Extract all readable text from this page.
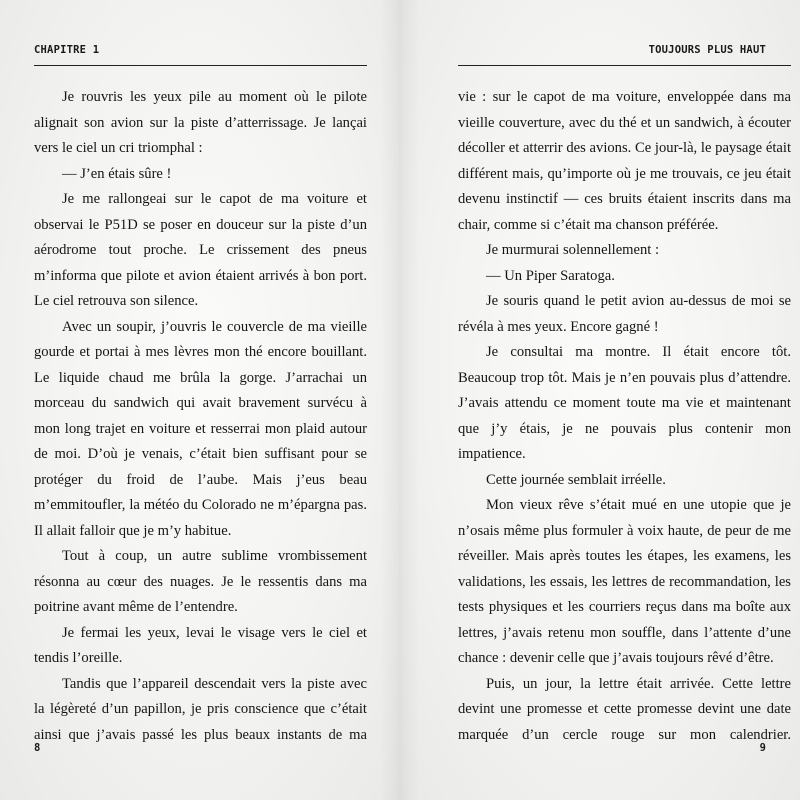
CHAPITRE 1

Je rouvris les yeux pile au moment où le pilote alignait son avion sur la piste d’atterrissage. Je lançai vers le ciel un cri triomphal :

— J’en étais sûre !

Je me rallongeai sur le capot de ma voiture et observai le P51D se poser en douceur sur la piste d’un aérodrome tout proche. Le crissement des pneus m’informa que pilote et avion étaient arrivés à bon port. Le ciel retrouva son silence.

Avec un soupir, j’ouvris le couvercle de ma vieille gourde et portai à mes lèvres mon thé encore bouillant. Le liquide chaud me brûla la gorge. J’arrachai un morceau du sandwich qui avait bravement survécu à mon long trajet en voiture et resserrai mon plaid autour de moi. D’où je venais, c’était bien suffisant pour se protéger du froid de l’aube. Mais j’eus beau m’emmitoufler, la météo du Colorado ne m’épargna pas. Il allait falloir que je m’y habitue.

Tout à coup, un autre sublime vrombissement résonna au cœur des nuages. Je le ressentis dans ma poitrine avant même de l’entendre.

Je fermai les yeux, levai le visage vers le ciel et tendis l’oreille.

Tandis que l’appareil descendait vers la piste avec la légèreté d’un papillon, je pris conscience que c’était ainsi que j’avais passé les plus beaux instants de ma

8
TOUJOURS PLUS HAUT

vie : sur le capot de ma voiture, enveloppée dans ma vieille couverture, avec du thé et un sandwich, à écouter décoller et atterrir des avions. Ce jour-là, le paysage était différent mais, qu’importe où je me trouvais, ce jeu était devenu instinctif — ces bruits étaient inscrits dans ma chair, comme si c’était ma chanson préférée.

Je murmurai solennellement :

— Un Piper Saratoga.

Je souris quand le petit avion au-dessus de moi se révéla à mes yeux. Encore gagné !

Je consultai ma montre. Il était encore tôt. Beaucoup trop tôt. Mais je n’en pouvais plus d’attendre. J’avais attendu ce moment toute ma vie et maintenant que j’y étais, je ne pouvais plus contenir mon impatience.

Cette journée semblait irréelle.

Mon vieux rêve s’était mué en une utopie que je n’osais même plus formuler à voix haute, de peur de me réveiller. Mais après toutes les étapes, les examens, les validations, les essais, les lettres de recommandation, les tests physiques et les courriers reçus dans ma boîte aux lettres, j’avais retenu mon souffle, dans l’attente d’une chance : devenir celle que j’avais toujours rêvé d’être.

Puis, un jour, la lettre était arrivée. Cette lettre devint une promesse et cette promesse devint une date marquée d’un cercle rouge sur mon calendrier.

9
